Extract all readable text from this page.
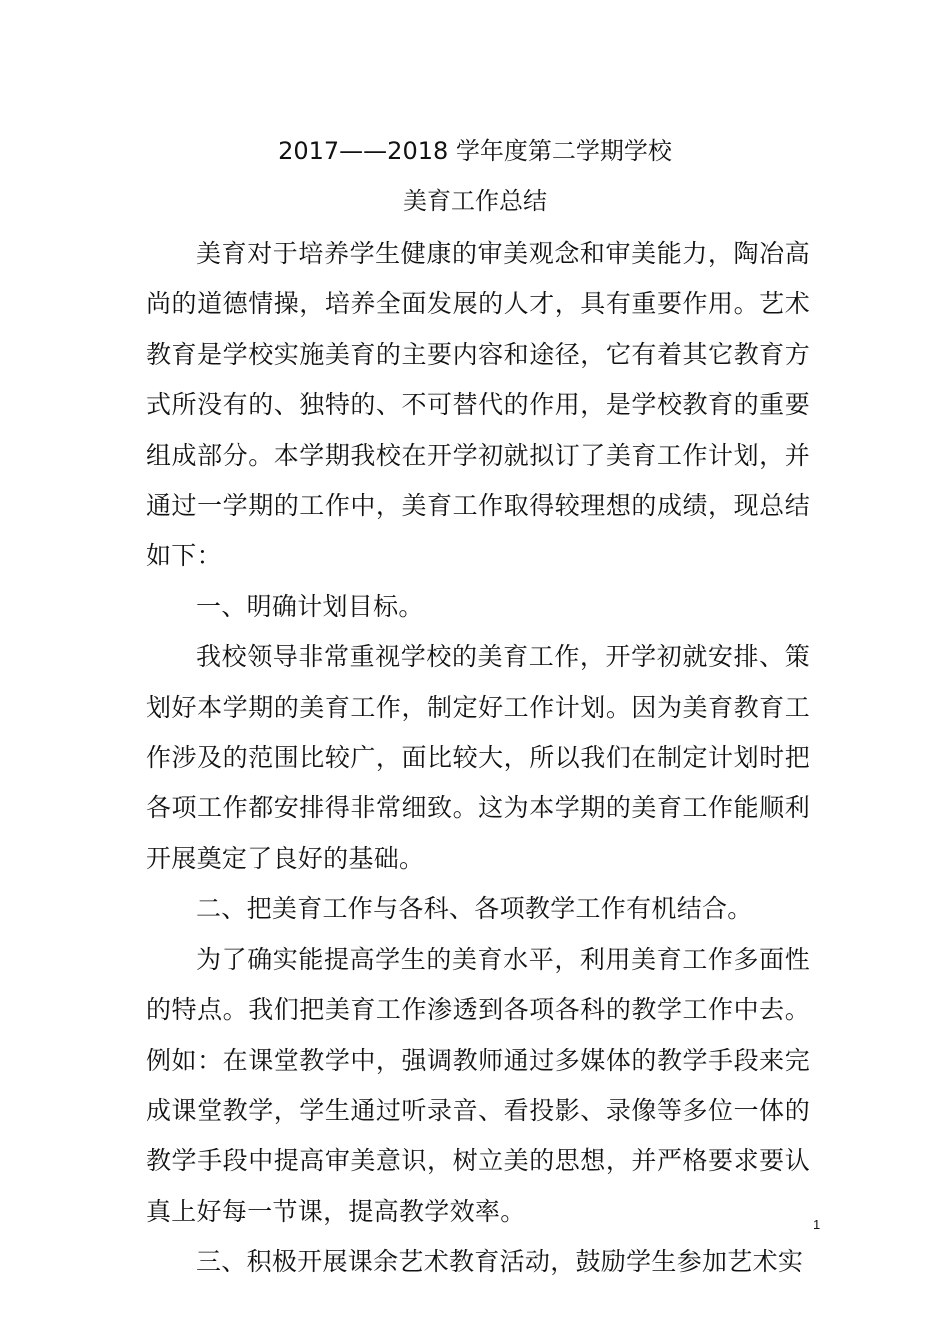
2017——2018 学年度第二学期学校
美育工作总结

美育对于培养学生健康的审美观念和审美能力，陶冶高尚的道德情操，培养全面发展的人才，具有重要作用。艺术教育是学校实施美育的主要内容和途径，它有着其它教育方式所没有的、独特的、不可替代的作用，是学校教育的重要组成部分。本学期我校在开学初就拟订了美育工作计划，并通过一学期的工作中，美育工作取得较理想的成绩，现总结如下：

一、明确计划目标。

我校领导非常重视学校的美育工作，开学初就安排、策划好本学期的美育工作，制定好工作计划。因为美育教育工作涉及的范围比较广，面比较大，所以我们在制定计划时把各项工作都安排得非常细致。这为本学期的美育工作能顺利开展奠定了良好的基础。

二、把美育工作与各科、各项教学工作有机结合。

为了确实能提高学生的美育水平，利用美育工作多面性的特点。我们把美育工作渗透到各项各科的教学工作中去。例如：在课堂教学中，强调教师通过多媒体的教学手段来完成课堂教学，学生通过听录音、看投影、录像等多位一体的教学手段中提高审美意识，树立美的思想，并严格要求要认真上好每一节课，提高教学效率。

三、积极开展课余艺术教育活动，鼓励学生参加艺术实

1
